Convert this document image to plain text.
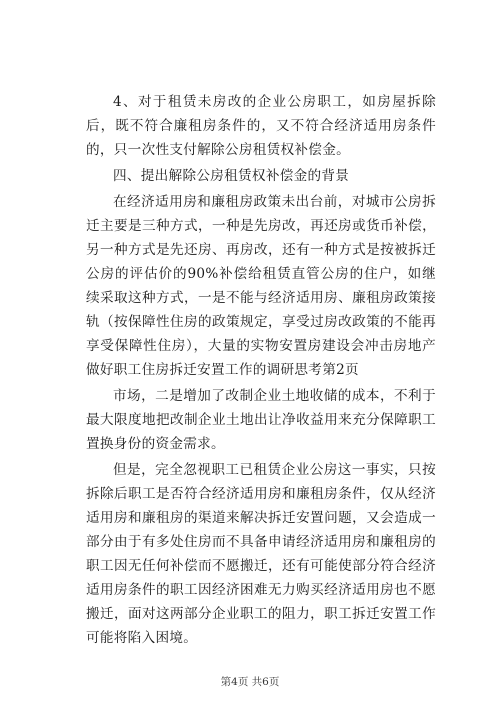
4、对于租赁未房改的企业公房职工，如房屋拆除后，既不符合廉租房条件的，又不符合经济适用房条件的，只一次性支付解除公房租赁权补偿金。

四、提出解除公房租赁权补偿金的背景

在经济适用房和廉租房政策未出台前，对城市公房拆迁主要是三种方式，一种是先房改，再还房或货币补偿，另一种方式是先还房、再房改，还有一种方式是按被拆迁公房的评估价的90%补偿给租赁直管公房的住户，如继续采取这种方式，一是不能与经济适用房、廉租房政策接轨（按保障性住房的政策规定，享受过房改政策的不能再享受保障性住房），大量的实物安置房建设会冲击房地产做好职工住房拆迁安置工作的调研思考第2页

市场，二是增加了改制企业土地收储的成本，不利于最大限度地把改制企业土地出让净收益用来充分保障职工置换身份的资金需求。

但是，完全忽视职工已租赁企业公房这一事实，只按拆除后职工是否符合经济适用房和廉租房条件，仅从经济适用房和廉租房的渠道来解决拆迁安置问题，又会造成一部分由于有多处住房而不具备申请经济适用房和廉租房的职工因无任何补偿而不愿搬迁，还有可能使部分符合经济适用房条件的职工因经济困难无力购买经济适用房也不愿搬迁，面对这两部分企业职工的阻力，职工拆迁安置工作可能将陷入困境。

第4页 共6页
